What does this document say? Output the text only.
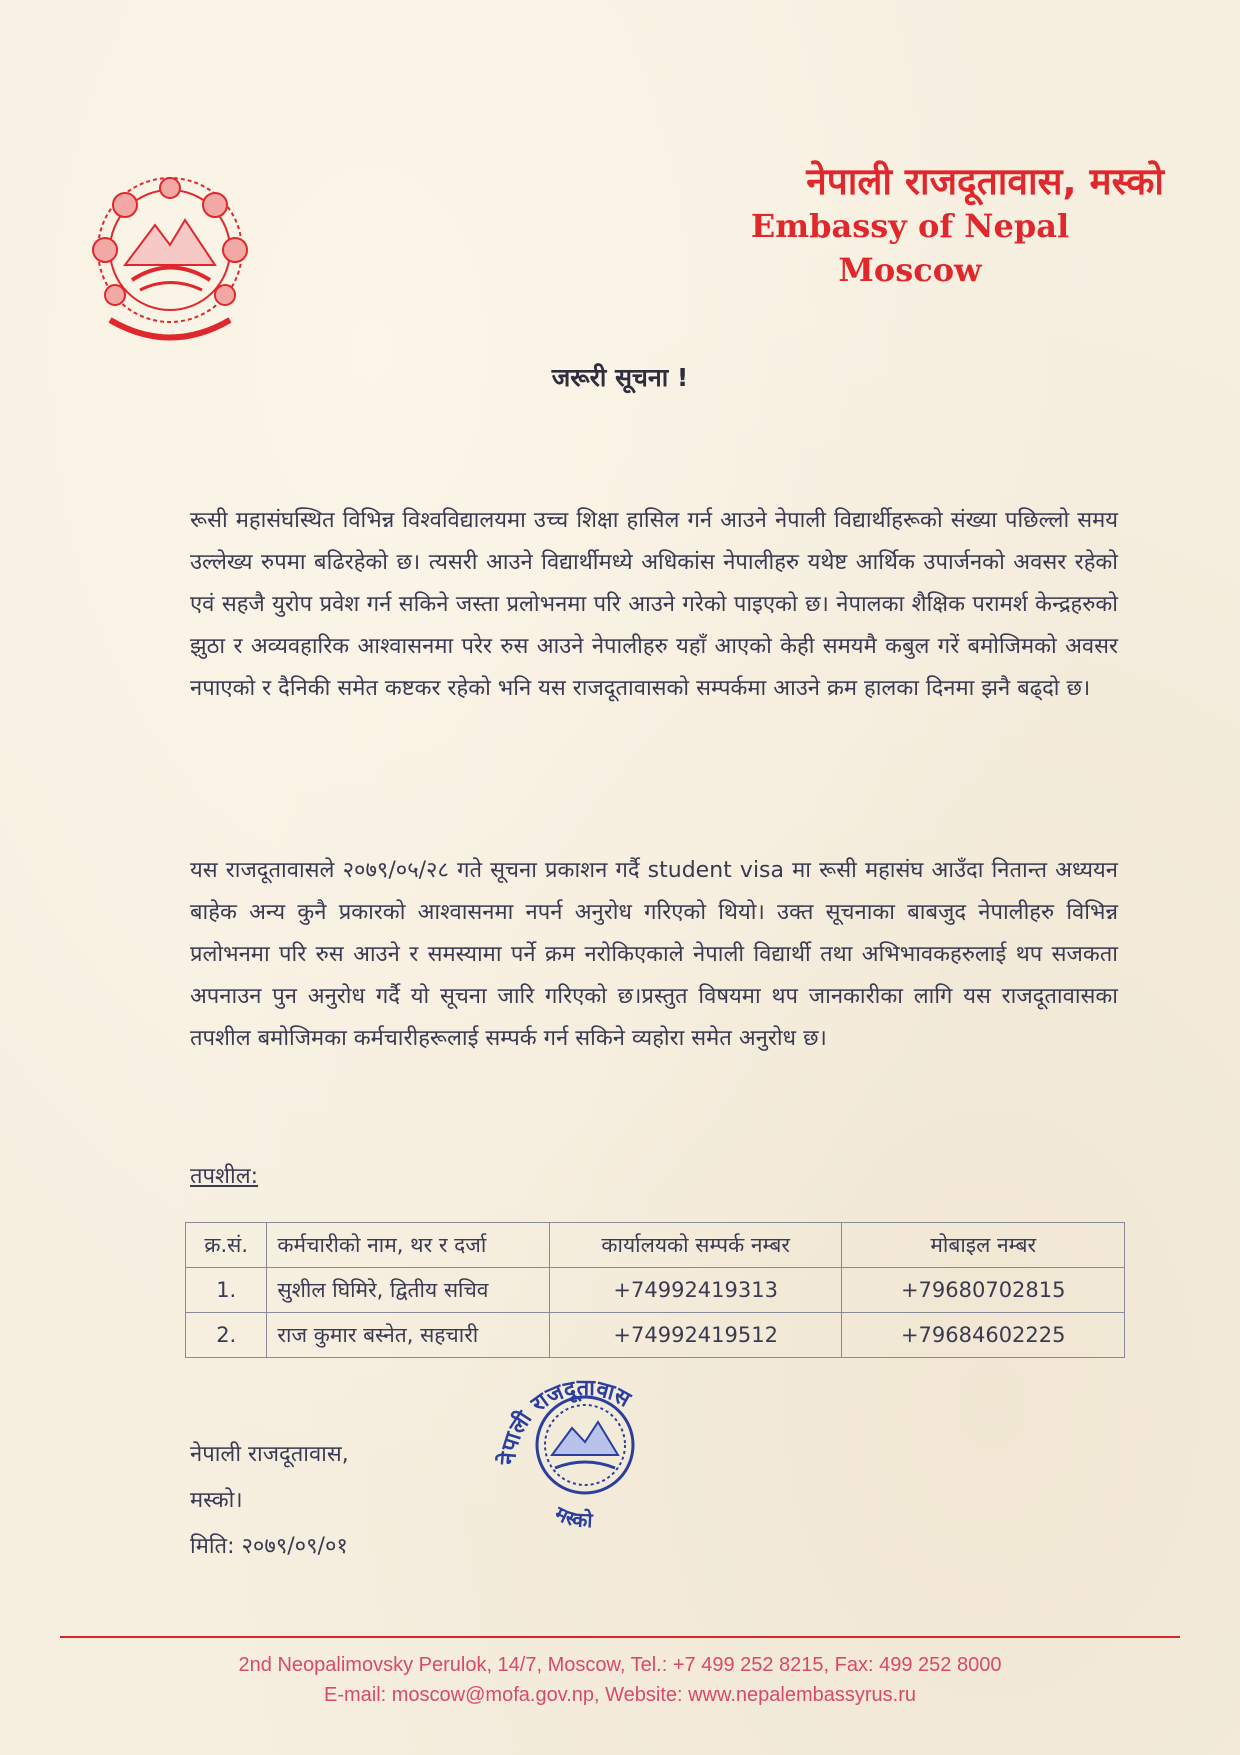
नेपाली राजदूतावास, मस्को
Embassy of Nepal
Moscow
जरूरी सूचना !
रूसी महासंघस्थित विभिन्न विश्वविद्यालयमा उच्च शिक्षा हासिल गर्न आउने नेपाली विद्यार्थीहरूको संख्या पछिल्लो समय उल्लेख्य रुपमा बढिरहेको छ। त्यसरी आउने विद्यार्थीमध्ये अधिकांस नेपालीहरु यथेष्ट आर्थिक उपार्जनको अवसर रहेको एवं सहजै युरोप प्रवेश गर्न सकिने जस्ता प्रलोभनमा परि आउने गरेको पाइएको छ। नेपालका शैक्षिक परामर्श केन्द्रहरुको झुठा र अव्यवहारिक आश्वासनमा परेर रुस आउने नेपालीहरु यहाँ आएको केही समयमै कबुल गरें बमोजिमको अवसर नपाएको र दैनिकी समेत कष्टकर रहेको भनि यस राजदूतावासको सम्पर्कमा आउने क्रम हालका दिनमा झनै बढ्दो छ।
यस राजदूतावासले २०७९/०५/२८ गते सूचना प्रकाशन गर्दै student visa मा रूसी महासंघ आउँदा नितान्त अध्ययन बाहेक अन्य कुनै प्रकारको आश्वासनमा नपर्न अनुरोध गरिएको थियो। उक्त सूचनाका बाबजुद नेपालीहरु विभिन्न प्रलोभनमा परि रुस आउने र समस्यामा पर्ने क्रम नरोकिएकाले नेपाली विद्यार्थी तथा अभिभावकहरुलाई थप सजकता अपनाउन पुन अनुरोध गर्दै यो सूचना जारि गरिएको छ।प्रस्तुत विषयमा थप जानकारीका लागि यस राजदूतावासका तपशील बमोजिमका कर्मचारीहरूलाई सम्पर्क गर्न सकिने व्यहोरा समेत अनुरोध छ।
तपशील:
क्र.सं.	कर्मचारीको नाम, थर र दर्जा	कार्यालयको सम्पर्क नम्बर	मोबाइल नम्बर
1.	सुशील घिमिरे, द्वितीय सचिव	+74992419313	+79680702815
2.	राज कुमार बस्नेत, सहचारी	+74992419512	+79684602225
नेपाली राजदूतावास,
मस्को।
मिति: २०७९/०९/०१
नेपाली राजदूतावास
मस्को
2nd Neopalimovsky Perulok, 14/7, Moscow, Tel.: +7 499 252 8215, Fax: 499 252 8000
E-mail: moscow@mofa.gov.np, Website: www.nepalembassyrus.ru
